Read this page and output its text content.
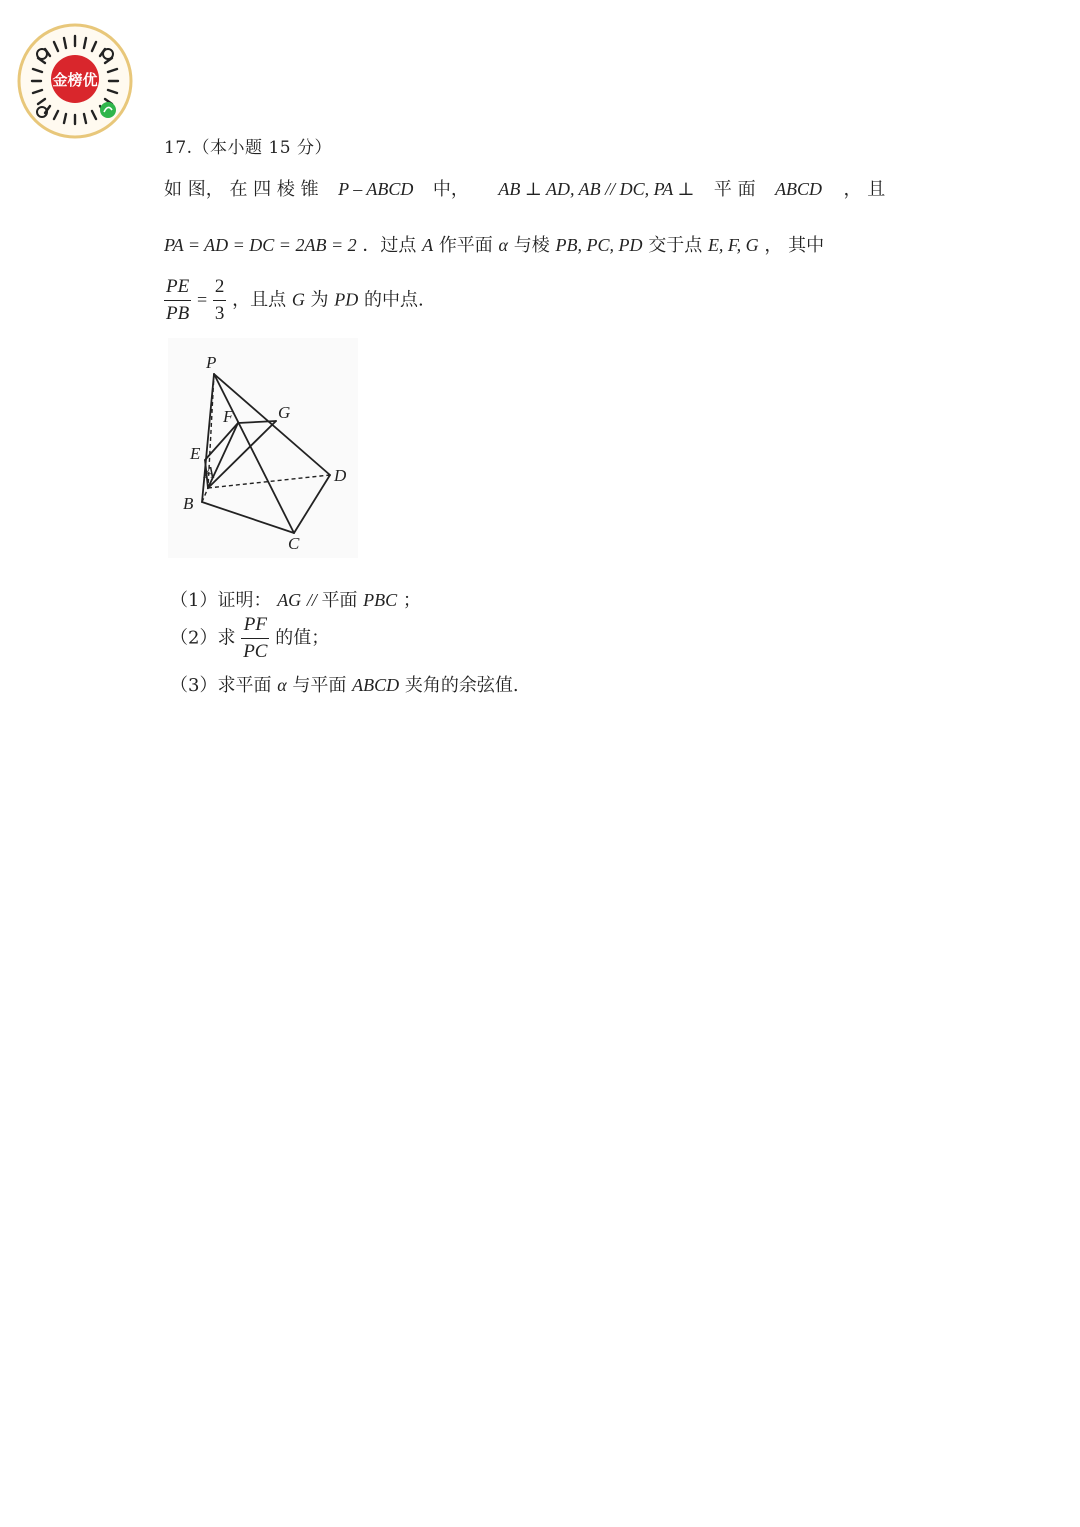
金榜优
17.（本小题 15 分）
如 图， 在 四 棱 锥 P – ABCD 中， AB ⊥ AD, AB // DC, PA ⊥ 平 面 ABCD ， 且
PA = AD = DC = 2AB = 2 ．过点 A 作平面 α 与棱 PB, PC, PD 交于点 E, F, G ， 其中
$\frac{PE}{PB} = \frac{2}{3}$ ，且点 G 为 PD 的中点.
P
F	G
E
A	D
B
C
（1）证明： AG // 平面 PBC ；
（2）求 $\frac{PF}{PC}$ 的值；
（3）求平面 α 与平面 ABCD 夹角的余弦值.
